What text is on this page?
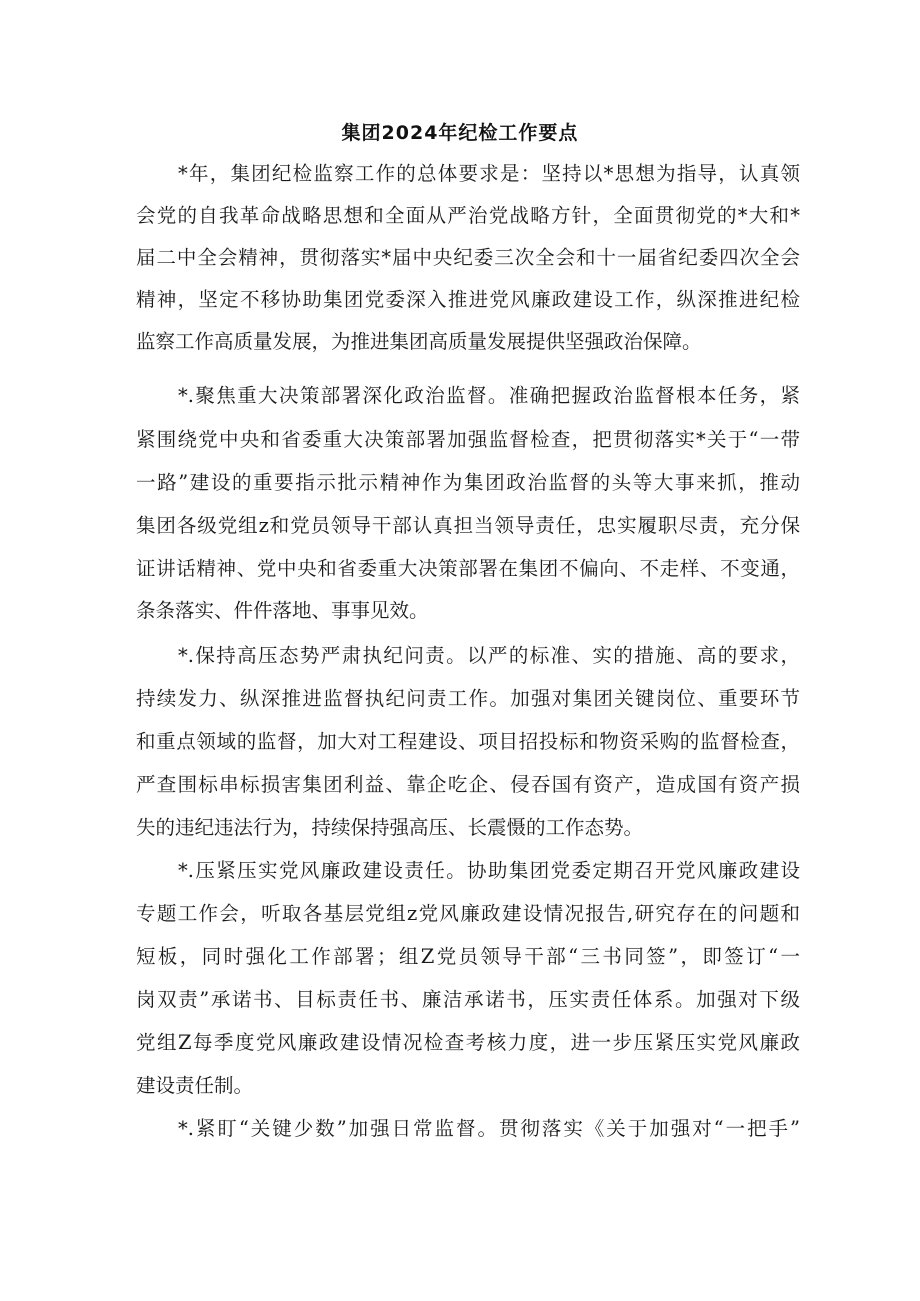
集团2024年纪检工作要点
*年，集团纪检监察工作的总体要求是：坚持以*思想为指导，认真领
会党的自我革命战略思想和全面从严治党战略方针，全面贯彻党的*大和*
届二中全会精神，贯彻落实*届中央纪委三次全会和十一届省纪委四次全会
精神，坚定不移协助集团党委深入推进党风廉政建设工作，纵深推进纪检
监察工作高质量发展，为推进集团高质量发展提供坚强政治保障。
*.聚焦重大决策部署深化政治监督。准确把握政治监督根本任务，紧
紧围绕党中央和省委重大决策部署加强监督检查，把贯彻落实*关于“一带
一路”建设的重要指示批示精神作为集团政治监督的头等大事来抓，推动
集团各级党组z和党员领导干部认真担当领导责任，忠实履职尽责，充分保
证讲话精神、党中央和省委重大决策部署在集团不偏向、不走样、不变通，
条条落实、件件落地、事事见效。
*.保持高压态势严肃执纪问责。以严的标准、实的措施、高的要求，
持续发力、纵深推进监督执纪问责工作。加强对集团关键岗位、重要环节
和重点领域的监督，加大对工程建设、项目招投标和物资采购的监督检查，
严查围标串标损害集团利益、靠企吃企、侵吞国有资产，造成国有资产损
失的违纪违法行为，持续保持强高压、长震慑的工作态势。
*.压紧压实党风廉政建设责任。协助集团党委定期召开党风廉政建设
专题工作会，听取各基层党组z党风廉政建设情况报告,研究存在的问题和
短板，同时强化工作部署；组Z党员领导干部“三书同签”，即签订“一
岗双责”承诺书、目标责任书、廉洁承诺书，压实责任体系。加强对下级
党组Z每季度党风廉政建设情况检查考核力度，进一步压紧压实党风廉政
建设责任制。
*.紧盯“关键少数”加强日常监督。贯彻落实《关于加强对“一把手”
